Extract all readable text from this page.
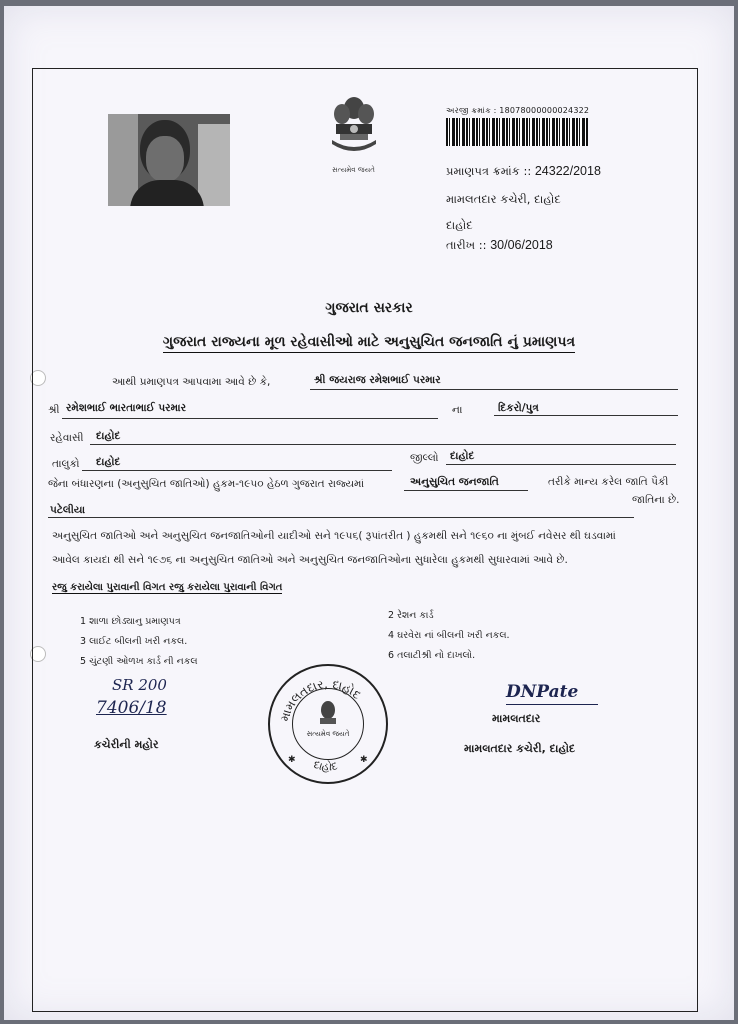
સત્યમેવ જયતે
અરજી ક્રમાંક : 18078000000024322
પ્રમાણપત્ર ક્રમાંક :: 24322/2018
મામલતદાર કચેરી, દાહોદ
દાહોદ
તારીખ :: 30/06/2018
ગુજરાત સરકાર
ગુજરાત રાજ્યના મૂળ રહેવાસીઓ માટે અનુસુચિત જનજાતિ નું પ્રમાણપત્ર
આથી પ્રમાણપત્ર આપવામા આવે છે કે,	શ્રી જયરાજ રમેશભાઈ પરમાર
શ્રી રમેશભાઈ ભારતાભાઈ પરમાર	ના	દિકરો/પુત્ર
રહેવાસી દાહોદ
તાલુકો દાહોદ	જીલ્લો દાહોદ
જેના બંધારણના (અનુસુચિત જાતિઓ) હુકમ-૧૯૫૦ હેઠળ ગુજરાત રાજ્યમાં	અનુસુચિત જનજાતિ	તરીકે માન્ય કરેલ જાતિ પૈકી
જાતિના છે.
પટેલીયા
અનુસુચિત જાતિઓ અને અનુસુચિત જનજાતિઓની યાદીઓ સને ૧૯૫૬( રૂપાંતરીત ) હુકમથી સને ૧૯૬૦ ના મુંબઈ નવેસર થી ઘડવામાં
આવેલ કાયદા થી સને ૧૯૭૬ ના અનુસુચિત જાતિઓ અને અનુસુચિત જનજાતિઓના સુધારેલા હુકમથી સુધારવામાં આવે છે.
રજુ કરાયેલા પુરાવાની વિગત રજુ કરાયેલા પુરાવાની વિગત
1 શાળા છોડ્યાનુ પ્રમાણપત્ર
2 રેશન કાર્ડ
3 લાઈટ બીલની ખરી નકલ.
4 ઘરવેરા નાં બીલની ખરી નકલ.
5 ચુંટણી ઓળખ કાર્ડ ની નકલ
6 તલાટીશ્રી નો દાખલો.
SR 200
7406/18
કચેરીની મહોર
મામલતદાર, દાહોદ
દાહોદ
સત્યમેવ જયતે
✱	✱
DNPate
મામલતદાર
મામલતદાર કચેરી, દાહોદ
